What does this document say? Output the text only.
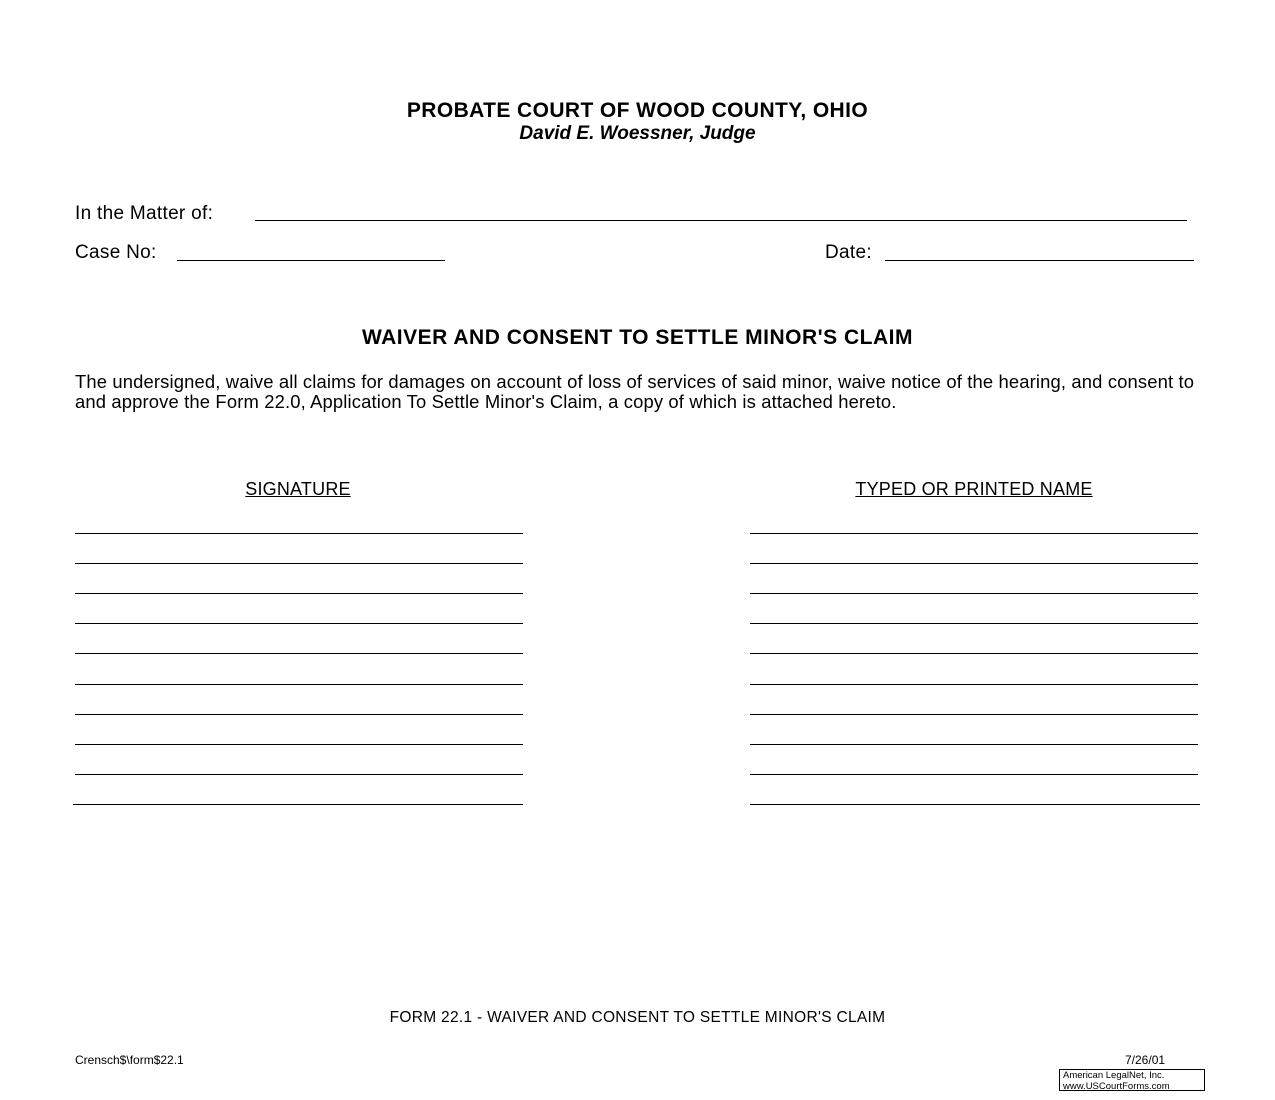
PROBATE COURT OF WOOD COUNTY, OHIO
David E. Woessner, Judge
In the Matter of:
Case No:	Date:
WAIVER AND CONSENT TO SETTLE MINOR'S CLAIM
The undersigned, waive all claims for damages on account of loss of services of said minor, waive notice of the hearing, and consent to and approve the Form 22.0, Application To Settle Minor's Claim, a copy of which is attached hereto.
SIGNATURE	TYPED OR PRINTED NAME
FORM 22.1 - WAIVER AND CONSENT TO SETTLE MINOR'S CLAIM
Crensch$\form$22.1	7/26/01
American LegalNet, Inc.
www.USCourtForms.com
